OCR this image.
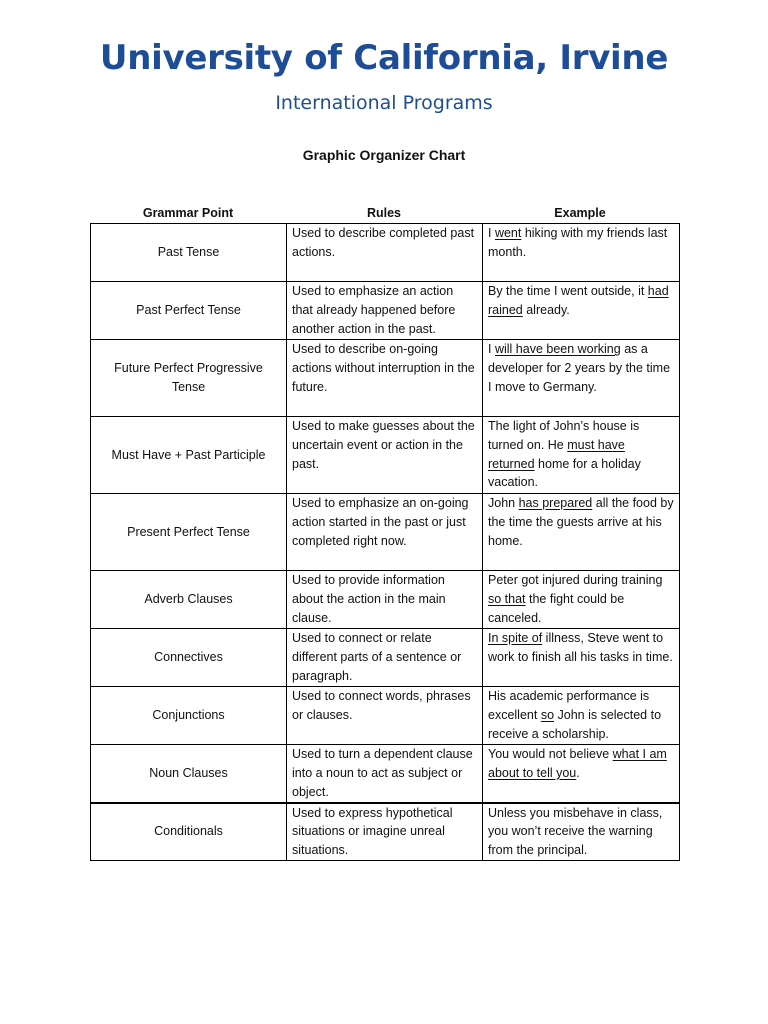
University of California, Irvine
International Programs
Graphic Organizer Chart
Grammar Point	Rules	Example
Past Tense	Used to describe completed past actions.	I went hiking with my friends last month.
Past Perfect Tense	Used to emphasize an action that already happened before another action in the past.	By the time I went outside, it had rained already.
Future Perfect Progressive Tense	Used to describe on-going actions without interruption in the future.	I will have been working as a developer for 2 years by the time I move to Germany.
Must Have + Past Participle	Used to make guesses about the uncertain event or action in the past.	The light of John’s house is turned on. He must have returned home for a holiday vacation.
Present Perfect Tense	Used to emphasize an on-going action started in the past or just completed right now.	John has prepared all the food by the time the guests arrive at his home.
Adverb Clauses	Used to provide information about the action in the main clause.	Peter got injured during training so that the fight could be canceled.
Connectives	Used to connect or relate different parts of a sentence or paragraph.	In spite of illness, Steve went to work to finish all his tasks in time.
Conjunctions	Used to connect words, phrases or clauses.	His academic performance is excellent so John is selected to receive a scholarship.
Noun Clauses	Used to turn a dependent clause into a noun to act as subject or object.	You would not believe what I am about to tell you.
Conditionals	Used to express hypothetical situations or imagine unreal situations.	Unless you misbehave in class, you won’t receive the warning from the principal.
